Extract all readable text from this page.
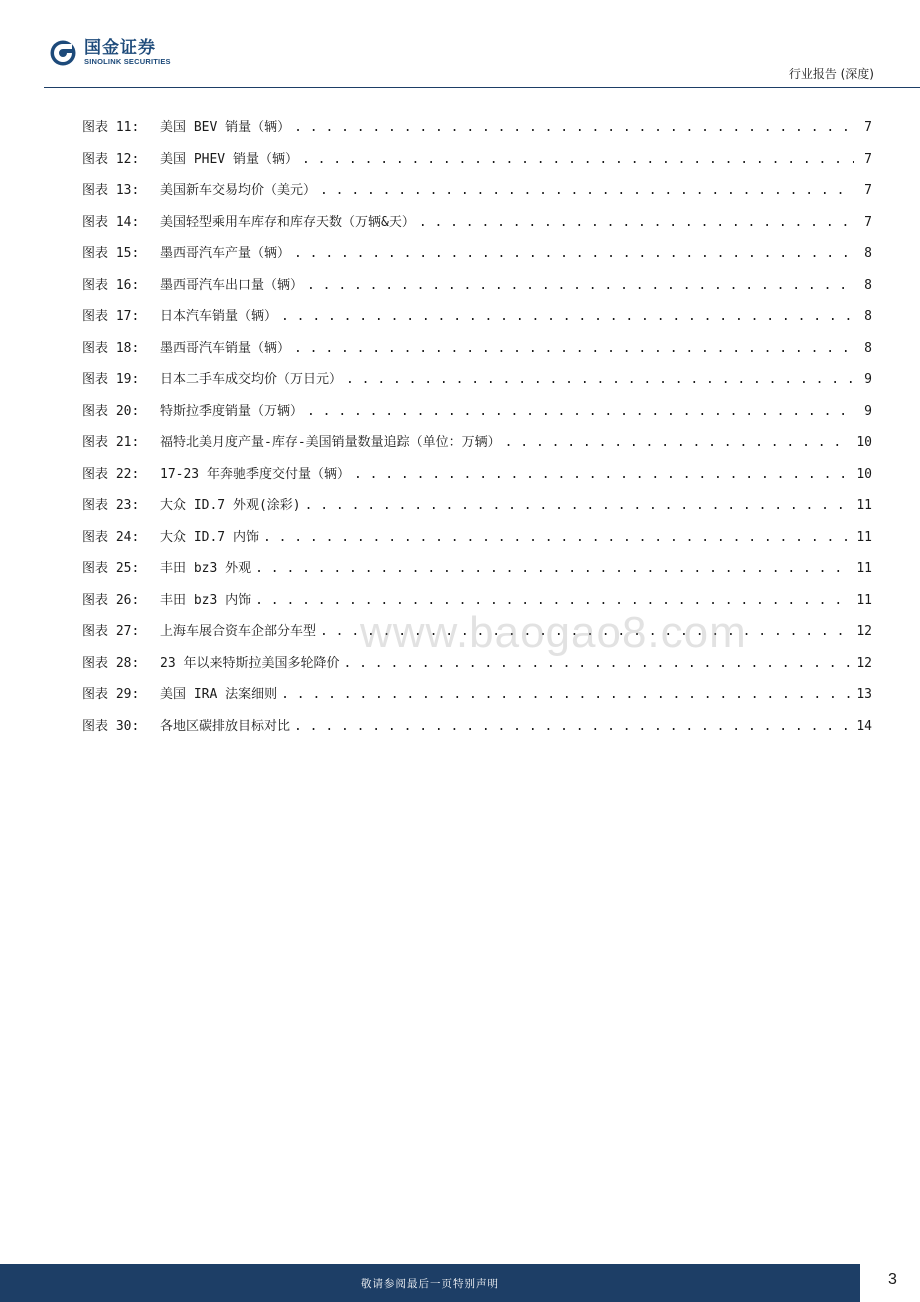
国金证券
SINOLINK SECURITIES
行业报告 (深度)
图表 11:	美国 BEV 销量（辆） . . .	7
图表 12:	美国 PHEV 销量（辆） . . .	7
图表 13:	美国新车交易均价（美元） . . .	7
图表 14:	美国轻型乘用车库存和库存天数（万辆&天） . . .	7
图表 15:	墨西哥汽车产量（辆） . . .	8
图表 16:	墨西哥汽车出口量（辆） . . .	8
图表 17:	日本汽车销量（辆） . . .	8
图表 18:	墨西哥汽车销量（辆） . . .	8
图表 19:	日本二手车成交均价（万日元） . . .	9
图表 20:	特斯拉季度销量（万辆） . . .	9
图表 21:	福特北美月度产量-库存-美国销量数量追踪（单位：万辆） . . .	10
图表 22:	17-23 年奔驰季度交付量（辆） . . .	10
图表 23:	大众 ID.7 外观(涂彩) . . .	11
图表 24:	大众 ID.7 内饰 . . .	11
图表 25:	丰田 bz3 外观 . . .	11
图表 26:	丰田 bz3 内饰 . . .	11
图表 27:	上海车展合资车企部分车型 . . .	12
图表 28:	23 年以来特斯拉美国多轮降价 . . .	12
图表 29:	美国 IRA 法案细则 . . .	13
图表 30:	各地区碳排放目标对比 . . .	14
www.baogao8.com
敬请参阅最后一页特别声明	3
